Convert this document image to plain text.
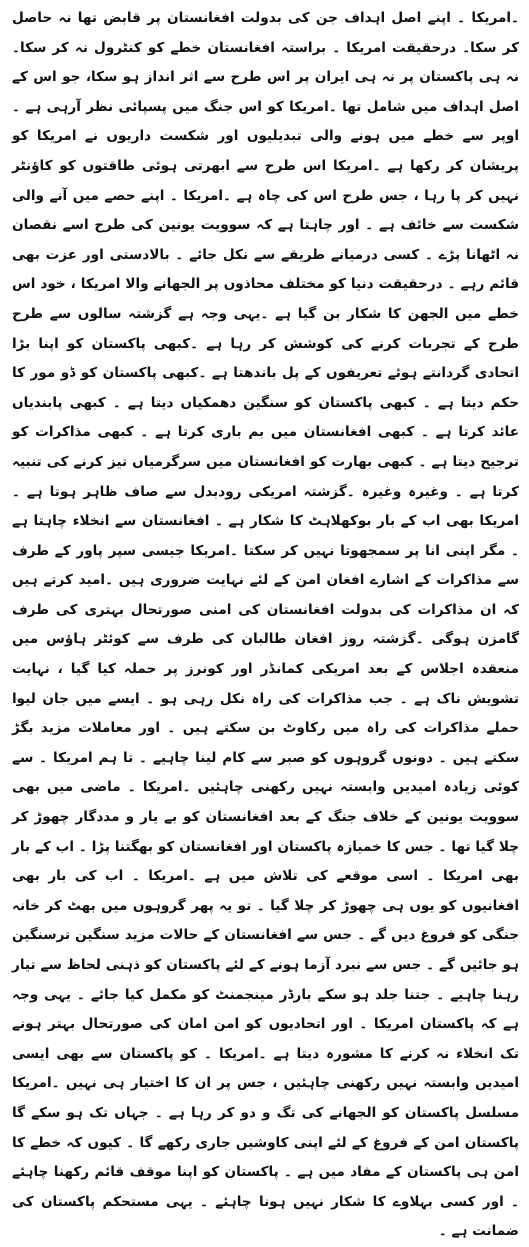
۔امریکا ۔ اپنے اصل اہداف جن کی بدولت افغانستان پر قابض تھا نہ حاصل کر سکا۔ درحقیقت امریکا ۔ براستہ افغانستان خطے کو کنٹرول نہ کر سکا۔ نہ ہی پاکستان پر نہ ہی ایران پر اس طرح سے اثر انداز ہو سکا، جو اس کے اصل اہداف میں شامل تھا ۔امریکا کو اس جنگ میں پسپائی نظر آرہی ہے ۔ اوپر سے خطے میں ہونے والی تبدیلیوں اور شکست داریوں نے امریکا کو پریشان کر رکھا ہے ۔امریکا اس طرح سے ابھرتی ہوئی طاقتوں کو کاؤنٹر نہیں کر پا رہا ، جس طرح اس کی چاہ ہے ۔امریکا ۔ اپنے حصے میں آنے والی شکست سے خائف ہے ۔ اور چاہتا ہے کہ سوویت یونین کی طرح اسے نقصان نہ اٹھانا پڑے ۔ کسی درمیانے طریقے سے نکل جائے ۔ بالادستی اور عزت بھی قائم رہے ۔ درحقیقت دنیا کو مختلف محاذوں پر الجھانے والا امریکا ، خود اس خطے میں الجھن کا شکار بن گیا ہے ۔یہی وجہ ہے گزشتہ سالوں سے طرح طرح کے تجربات کرنے کی کوشش کر رہا ہے ۔کبھی پاکستان کو اپنا بڑا اتحادی گردانتے ہوئے تعریفوں کے پل باندھتا ہے ۔کبھی پاکستان کو ڈو مور کا حکم دیتا ہے ۔ کبھی پاکستان کو سنگین دھمکیاں دیتا ہے ۔ کبھی پابندیاں عائد کرتا ہے ۔ کبھی افغانستان میں بم باری کرتا ہے ۔ کبھی مذاکرات کو ترجیح دیتا ہے ۔ کبھی بھارت کو افغانستان میں سرگرمیاں تیز کرنے کی تنبیہ کرتا ہے ۔ وغیرہ وغیرہ ۔گزشتہ امریکی رودبدل سے صاف ظاہر ہوتا ہے ۔امریکا بھی اب کے بار بوکھلاہٹ کا شکار ہے ۔ افغانستان سے انخلاء چاہتا ہے ۔ مگر اپنی انا پر سمجھوتا نہیں کر سکتا ۔امریکا جیسی سپر پاور کے طرف سے مذاکرات کے اشارے افغان امن کے لئے نہایت ضروری ہیں ۔امید کرتے ہیں کہ ان مذاکرات کی بدولت افغانستان کی امنی صورتحال بہتری کی طرف گامزن ہوگی ۔گزشتہ روز افغان طالبان کی طرف سے کوئٹر ہاؤس میں منعقدہ اجلاس کے بعد امریکی کمانڈر اور کونرز پر حملہ کیا گیا ، نہایت تشویش ناک ہے ۔ جب مذاکرات کی راہ نکل رہی ہو ۔ ایسے میں جان لیوا حملے مذاکرات کی راہ میں رکاوٹ بن سکتے ہیں ۔ اور معاملات مزید بگڑ سکتے ہیں ۔ دونوں گروہوں کو صبر سے کام لینا چاہیے ۔ تا ہم امریکا ۔ سے کوئی زیادہ امیدیں وابستہ نہیں رکھنی چاہئیں ۔امریکا ۔ ماضی میں بھی سوویت یونین کے خلاف جنگ کے بعد افغانستان کو بے یار و مددگار چھوڑ کر چلا گیا تھا ۔ جس کا خمیازہ پاکستان اور افغانستان کو بھگتنا پڑا ۔ اب کے بار بھی امریکا ۔ اسی موقعے کی تلاش میں ہے ۔امریکا ۔ اب کی بار بھی افغانیوں کو یوں ہی چھوڑ کر چلا گیا ۔ تو یہ پھر گروہوں میں بھٹ کر خانہ جنگی کو فروغ دیں گے ۔ جس سے افغانستان کے حالات مزید سنگین ترسنگین ہو جائیں گے ۔ جس سے نبرد آزما ہونے کے لئے پاکستان کو ذہنی لحاظ سے تیار رہنا چاہیے ۔ جتنا جلد ہو سکے بارڈر مینجمنٹ کو مکمل کیا جائے ۔ یہی وجہ ہے کہ پاکستان امریکا ۔ اور اتحادیوں کو امن امان کی صورتحال بہتر ہونے تک انخلاء نہ کرنے کا مشورہ دیتا ہے ۔امریکا ۔ کو پاکستان سے بھی ایسی امیدیں وابستہ نہیں رکھنی چاہئیں ، جس پر ان کا اختیار ہی نہیں ۔امریکا مسلسل پاکستان کو الجھانے کی تگ و دو کر رہا ہے ۔ جہاں تک ہو سکے گا پاکستان امن کے فروغ کے لئے اپنی کاوشیں جاری رکھے گا ۔ کیوں کہ خطے کا امن ہی پاکستان کے مفاد میں ہے ۔ پاکستان کو اپنا موقف قائم رکھنا چاہئے ۔ اور کسی بہلاوے کا شکار نہیں ہونا چاہئے ۔ یہی مستحکم پاکستان کی ضمانت ہے ۔
